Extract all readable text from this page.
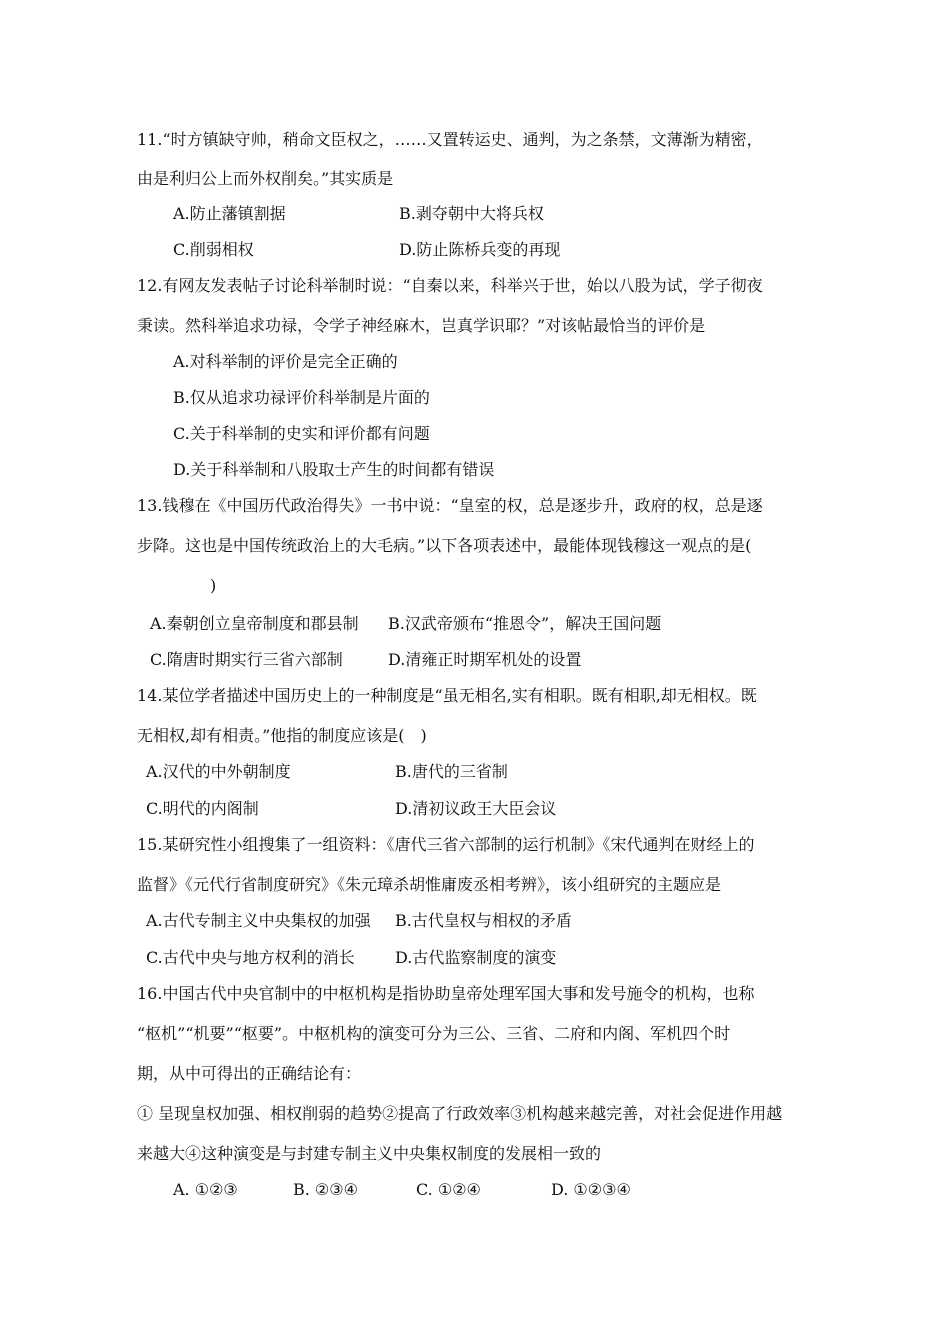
11.“时方镇缺守帅，稍命文臣权之，……又置转运史、通判，为之条禁，文薄渐为精密，
由是利归公上而外权削矣。”其实质是
A.防止藩镇割据	B.剥夺朝中大将兵权
C.削弱相权	D.防止陈桥兵变的再现
12.有网友发表帖子讨论科举制时说：“自秦以来，科举兴于世，始以八股为试，学子彻夜
秉读。然科举追求功禄，令学子神经麻木，岂真学识耶？”对该帖最恰当的评价是
A.对科举制的评价是完全正确的
B.仅从追求功禄评价科举制是片面的
C.关于科举制的史实和评价都有问题
D.关于科举制和八股取士产生的时间都有错误
13.钱穆在《中国历代政治得失》一书中说：“皇室的权，总是逐步升，政府的权，总是逐
步降。这也是中国传统政治上的大毛病。”以下各项表述中，最能体现钱穆这一观点的是(
)
A.秦朝创立皇帝制度和郡县制 B.汉武帝颁布“推恩令”，解决王国问题
C.隋唐时期实行三省六部制	D.清雍正时期军机处的设置
14.某位学者描述中国历史上的一种制度是“虽无相名,实有相职。既有相职,却无相权。既
无相权,却有相责。”他指的制度应该是(　)
A.汉代的中外朝制度	B.唐代的三省制
C.明代的内阁制	D.清初议政王大臣会议
15.某研究性小组搜集了一组资料：《唐代三省六部制的运行机制》《宋代通判在财经上的
监督》《元代行省制度研究》《朱元璋杀胡惟庸废丞相考辨》，该小组研究的主题应是
A.古代专制主义中央集权的加强 B.古代皇权与相权的矛盾
C.古代中央与地方权利的消长	D.古代监察制度的演变
16.中国古代中央官制中的中枢机构是指协助皇帝处理军国大事和发号施令的机构，也称
“枢机”“机要”“枢要”。中枢机构的演变可分为三公、三省、二府和内阁、军机四个时
期，从中可得出的正确结论有：
① 呈现皇权加强、相权削弱的趋势②提高了行政效率③机构越来越完善，对社会促进作用越
来越大④这种演变是与封建专制主义中央集权制度的发展相一致的
A. ①②③	B. ②③④	C. ①②④	D. ①②③④
